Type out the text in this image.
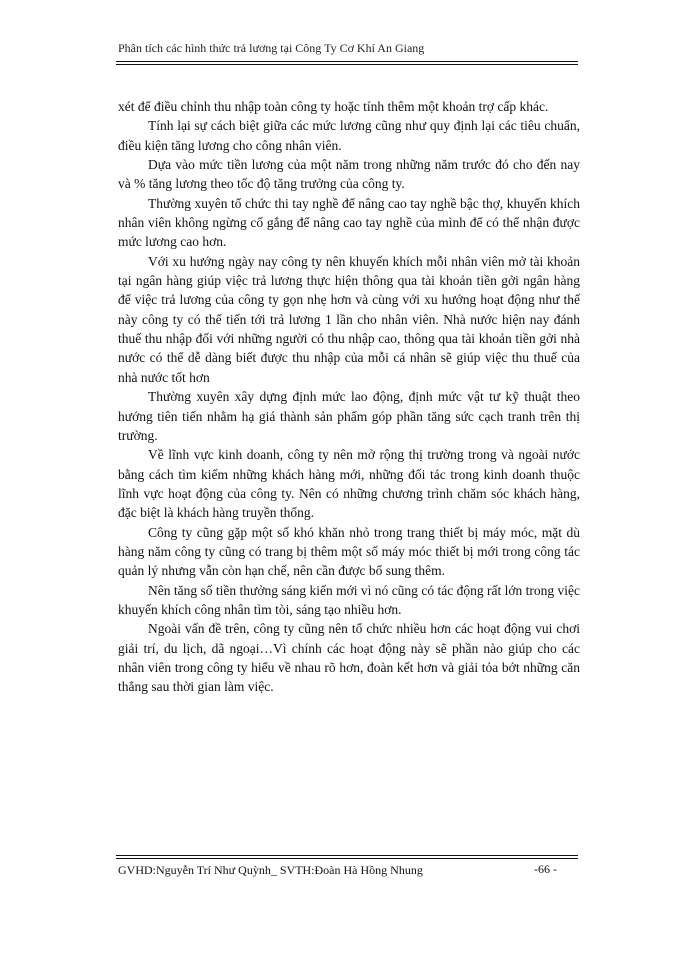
Phân tích các hình thức trả lương tại Công Ty Cơ Khí An Giang

xét để điều chỉnh thu nhập toàn công ty hoặc tính thêm một khoản trợ cấp khác.

Tính lại sự cách biệt giữa các mức lương cũng như quy định lại các tiêu chuẩn, điều kiện tăng lương cho công nhân viên.

Dựa vào mức tiền lương của một năm trong những năm trước đó cho đến nay và % tăng lương theo tốc độ tăng trưởng của công ty.

Thường xuyên tổ chức thi tay nghề để nâng cao tay nghề bậc thợ, khuyến khích nhân viên không ngừng cố gắng để nâng cao tay nghề của mình để có thể nhận được mức lương cao hơn.

Với xu hướng ngày nay công ty nên khuyến khích mỗi nhân viên mở tài khoản tại ngân hàng giúp việc trả lương thực hiện thông qua tài khoản tiền gởi ngân hàng để việc trả lương của công ty gọn nhẹ hơn và cùng với xu hướng hoạt động như thế này công ty có thể tiến tới trả lương 1 lần cho nhân viên. Nhà nước hiện nay đánh thuế thu nhập đối với những người có thu nhập cao, thông qua tài khoản tiền gởi nhà nước có thể dễ dàng biết được thu nhập của mỗi cá nhân sẽ giúp việc thu thuế của nhà nước tốt hơn

Thường xuyên xây dựng định mức lao động, định mức vật tư kỹ thuật theo hướng tiên tiến nhằm hạ giá thành sản phẩm góp phần tăng sức cạch tranh trên thị trường.

Về lĩnh vực kinh doanh, công ty nên mở rộng thị trường trong và ngoài nước bằng cách tìm kiếm những khách hàng mới, những đối tác trong kinh doanh thuộc lĩnh vực hoạt động của công ty. Nên có những chương trình chăm sóc khách hàng, đặc biệt là khách hàng truyền thống.

Công ty cũng gặp một số khó khăn nhỏ trong trang thiết bị máy móc, mặt dù hàng năm công ty cũng có trang bị thêm một số máy móc thiết bị mới trong công tác quản lý nhưng vẫn còn hạn chế, nên cần được bổ sung thêm.

Nên tăng số tiền thưởng sáng kiến mới vì nó cũng có tác động rất lớn trong việc khuyến khích công nhân tìm tòi, sáng tạo nhiều hơn.

Ngoài vấn đề trên, công ty cũng nên tổ chức nhiều hơn các hoạt động vui chơi giải trí, du lịch, dã ngoại…Vì chính các hoạt động này sẽ phần nào giúp cho các nhân viên trong công ty hiểu về nhau rõ hơn, đoàn kết hơn và giải tỏa bớt những căn thẳng sau thời gian làm việc.

GVHD:Nguyễn Trí Như Quỳnh_ SVTH:Đoàn Hà Hồng Nhung	-66 -
